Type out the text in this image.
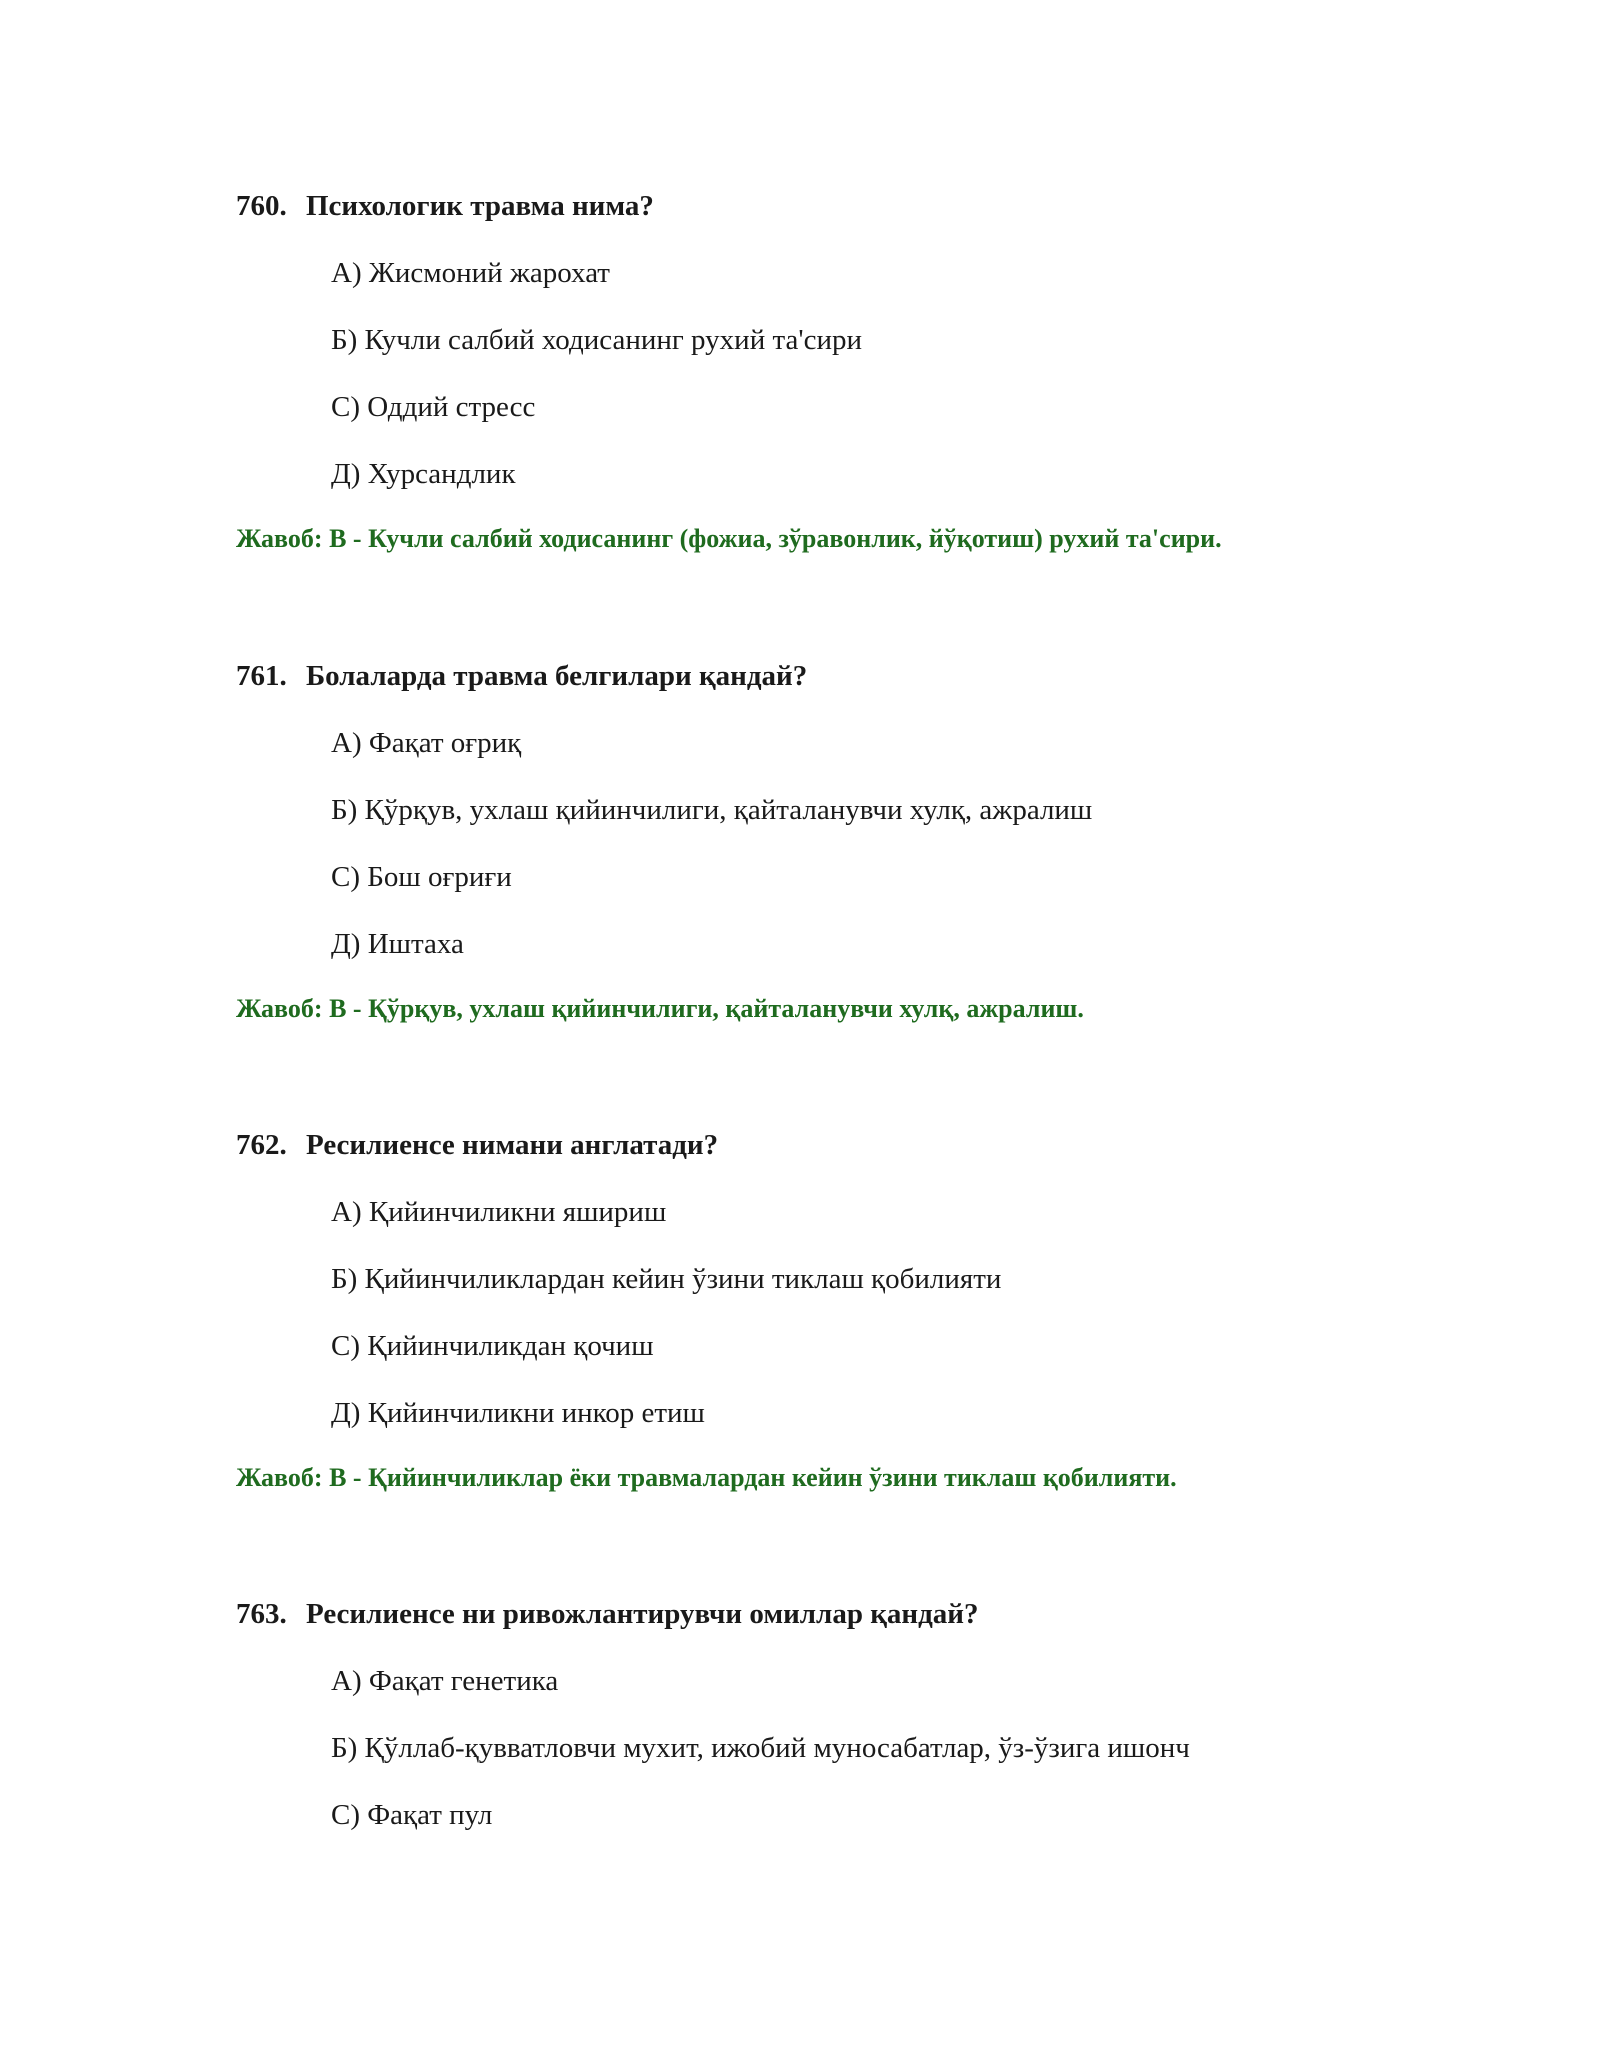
760. Психологик травма нима?
А) Жисмоний жарохат
Б) Кучли салбий ходисанинг рухий та'сири
С) Оддий стресс
Д) Хурсандлик
Жавоб: B - Кучли салбий ходисанинг (фожиа, зўравонлик, йўқотиш) рухий та'сири.
761. Болаларда травма белгилари қандай?
А) Фақат оғриқ
Б) Қўрқув, ухлаш қийинчилиги, қайталанувчи хулқ, ажралиш
С) Бош оғриғи
Д) Иштаха
Жавоб: B - Қўрқув, ухлаш қийинчилиги, қайталанувчи хулқ, ажралиш.
762. Ресилиенсе нимани англатади?
А) Қийинчиликни яшириш
Б) Қийинчиликлардан кейин ўзини тиклаш қобилияти
С) Қийинчиликдан қочиш
Д) Қийинчиликни инкор етиш
Жавоб: B - Қийинчиликлар ёки травмалардан кейин ўзини тиклаш қобилияти.
763. Ресилиенсе ни ривожлантирувчи омиллар қандай?
А) Фақат генетика
Б) Қўллаб-қувватловчи мухит, ижобий муносабатлар, ўз-ўзига ишонч
С) Фақат пул
